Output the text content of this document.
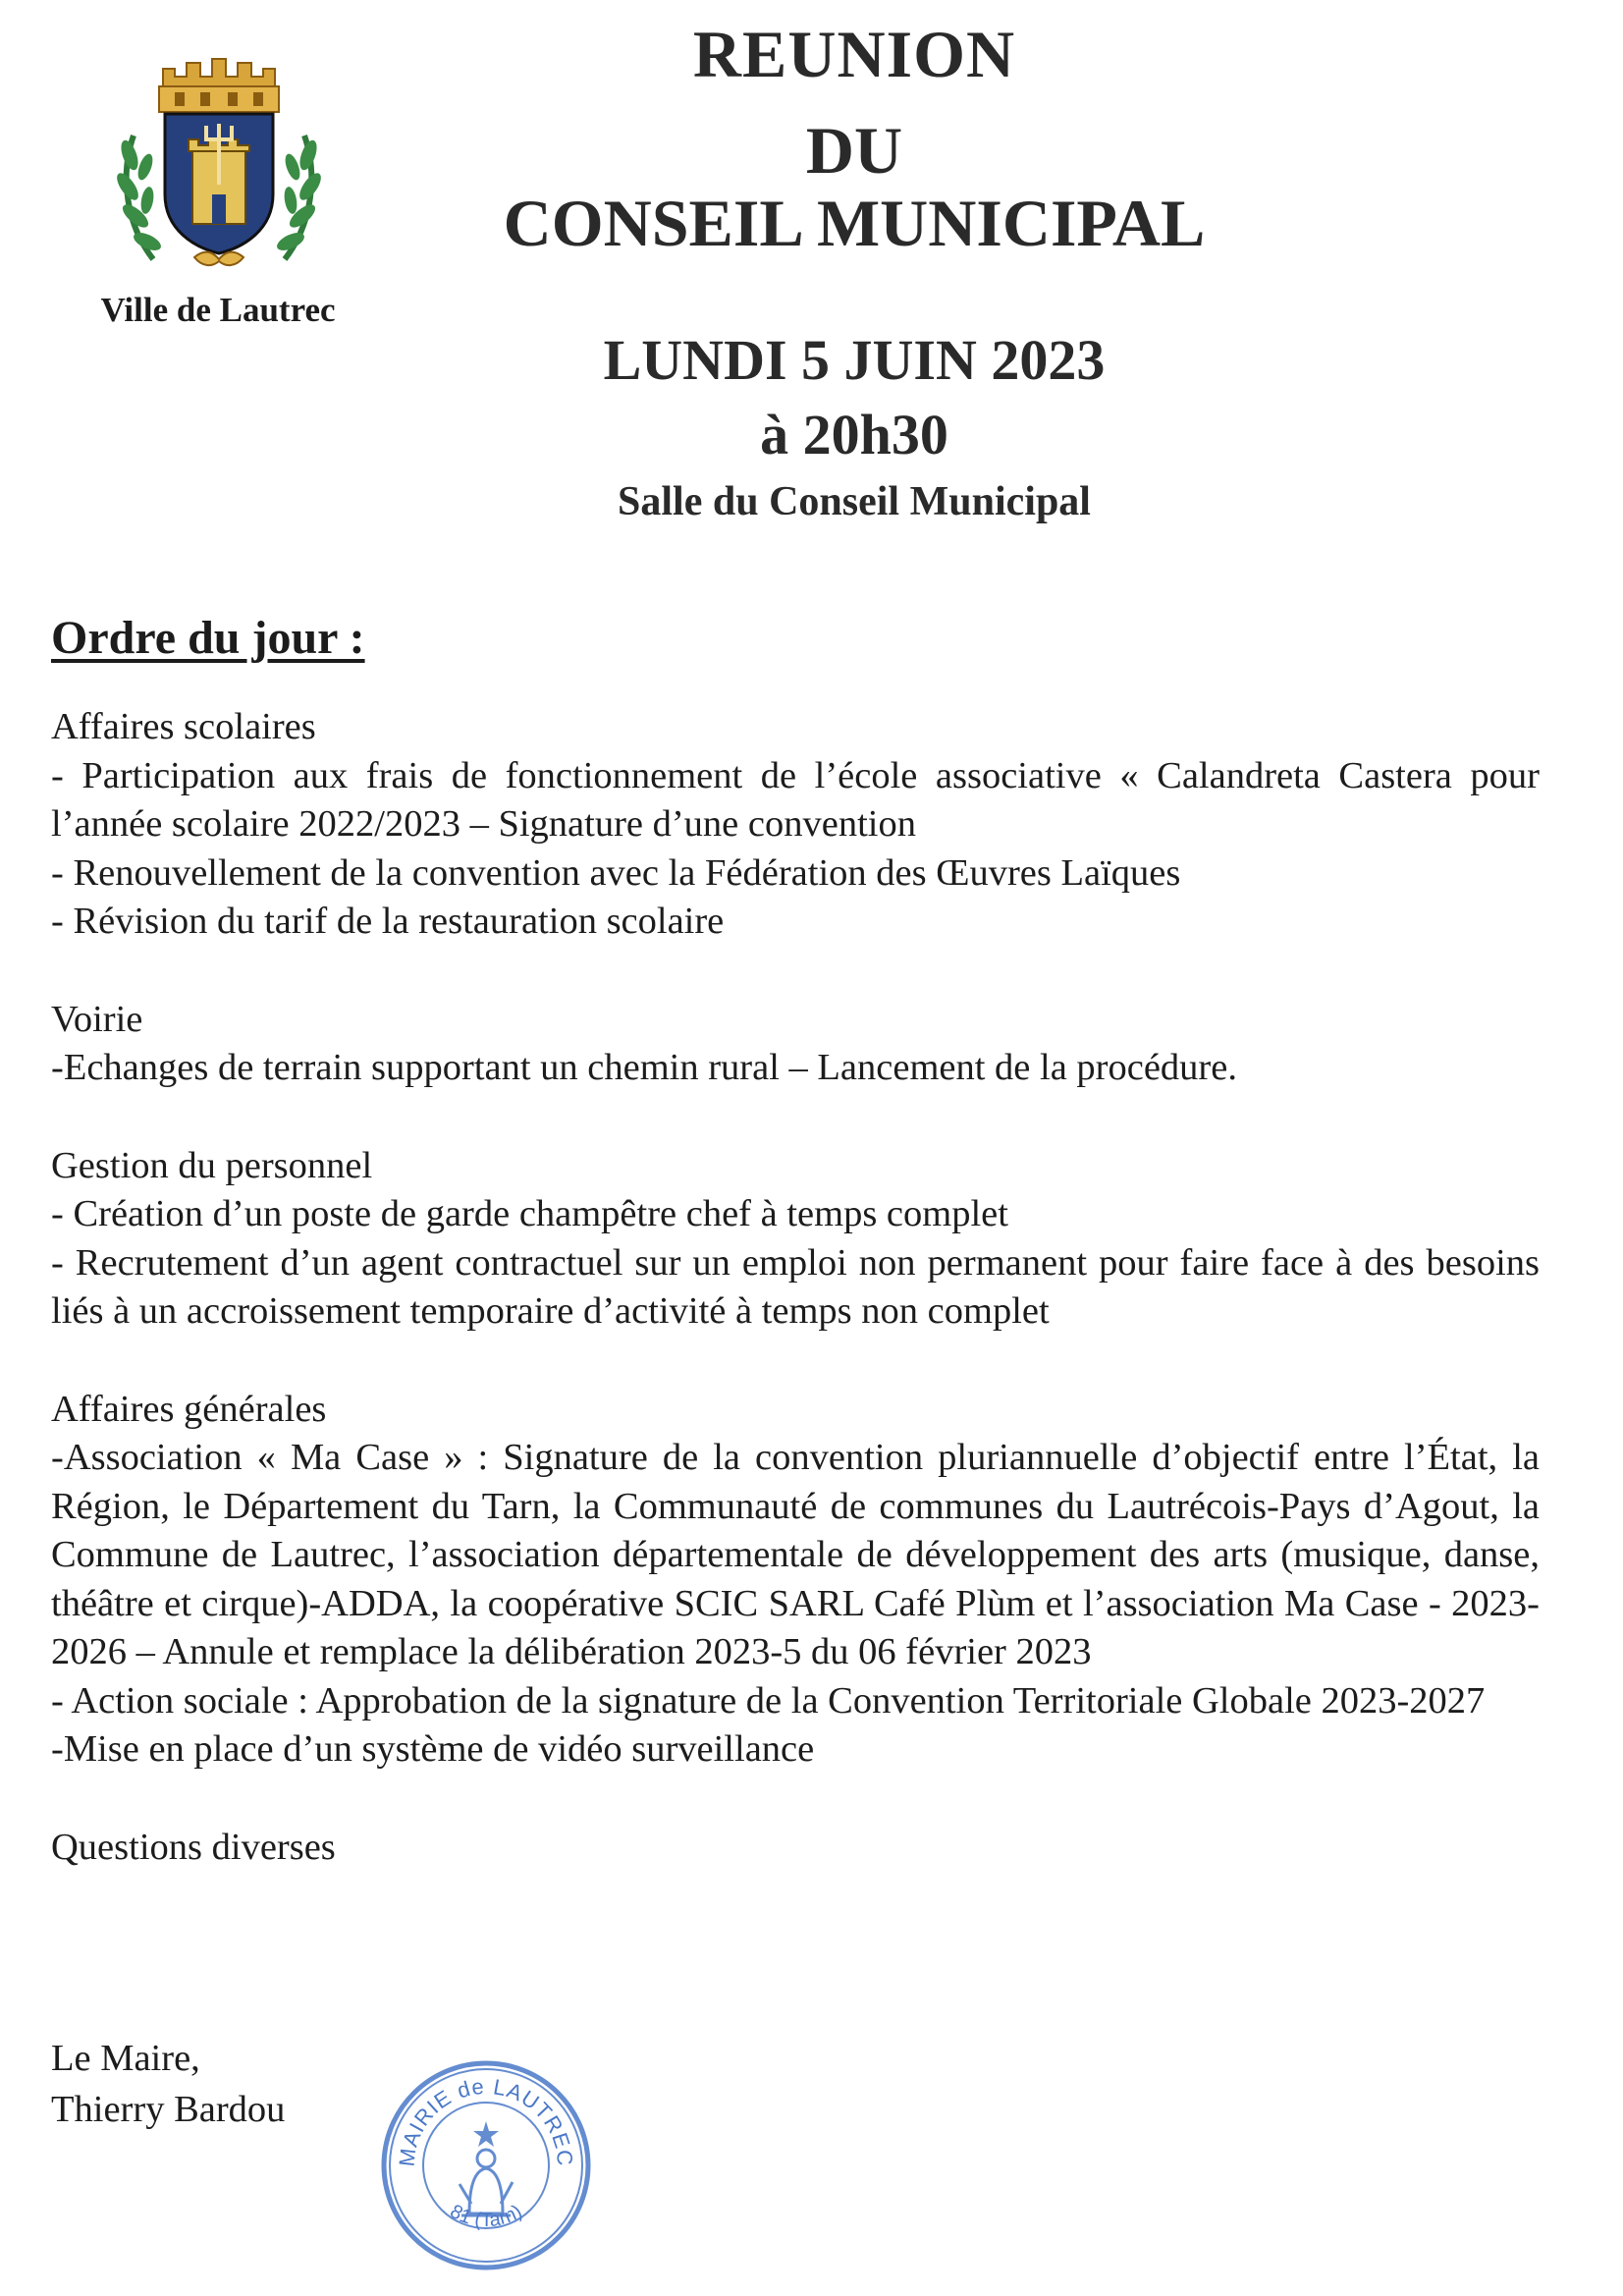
Ville de Lautrec
REUNION
DU
CONSEIL MUNICIPAL
LUNDI 5 JUIN 2023
à 20h30
Salle du Conseil Municipal
Ordre du jour :

Affaires scolaires

- Participation aux frais de fonctionnement de l’école associative « Calandreta Castera pour l’année scolaire 2022/2023 – Signature d’une convention

- Renouvellement de la convention avec la Fédération des Œuvres Laïques

- Révision du tarif de la restauration scolaire

Voirie

-Echanges de terrain supportant un chemin rural – Lancement de la procédure.

Gestion du personnel

- Création d’un poste de garde champêtre chef à temps complet

- Recrutement d’un agent contractuel sur un emploi non permanent pour faire face à des besoins liés à un accroissement temporaire d’activité à temps non complet

Affaires générales

-Association « Ma Case » : Signature de la convention pluriannuelle d’objectif entre l’État, la Région, le Département du Tarn, la Communauté de communes du Lautrécois-Pays d’Agout, la Commune de Lautrec, l’association départementale de développement des arts (musique, danse, théâtre et cirque)-ADDA, la coopérative SCIC SARL Café Plùm et l’association Ma Case - 2023- 2026 – Annule et remplace la délibération 2023-5 du 06 février 2023

- Action sociale : Approbation de la signature de la Convention Territoriale Globale 2023-2027

-Mise en place d’un système de vidéo surveillance

Questions diverses

Le Maire,
Thierry Bardou
MAIRIE de LAUTREC
81 (Tarn)
